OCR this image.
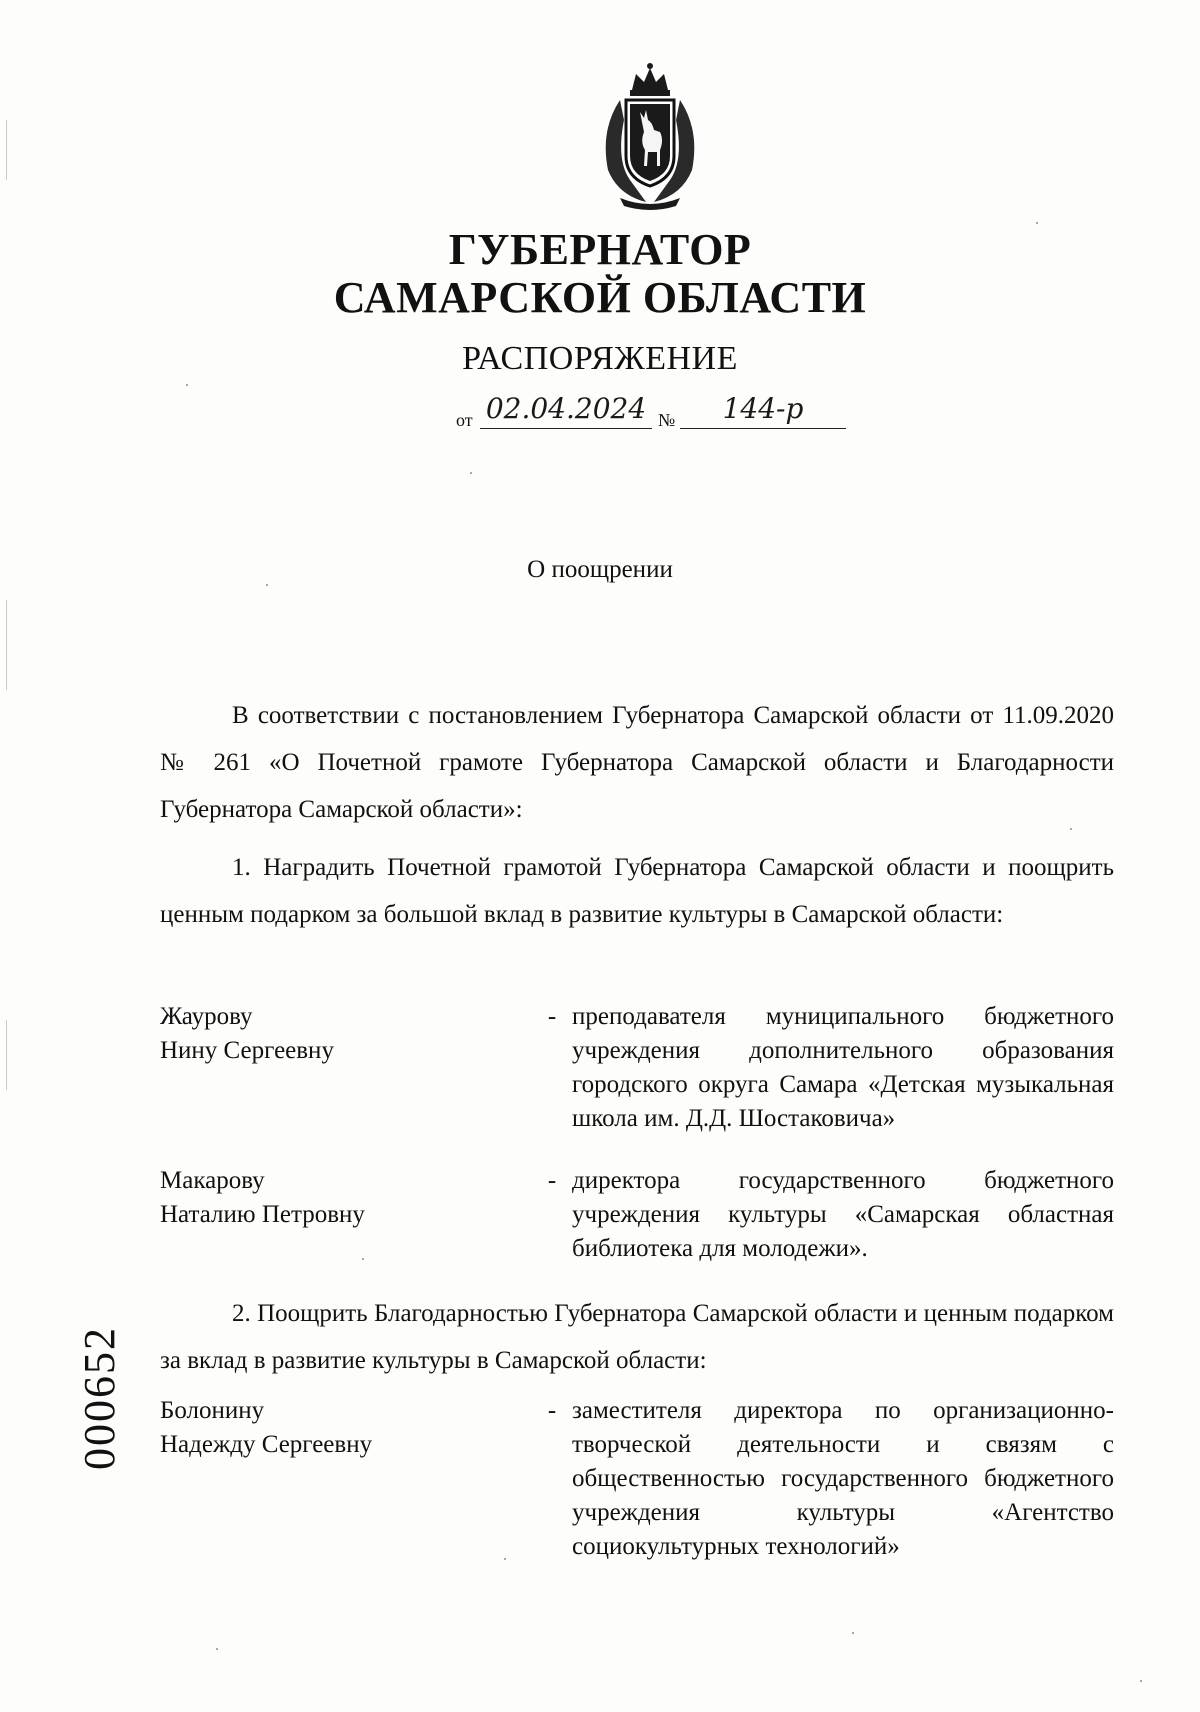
ГУБЕРНАТОР
САМАРСКОЙ ОБЛАСТИ
РАСПОРЯЖЕНИЕ
от 02.04.2024 №	144-р
О поощрении
В соответствии с постановлением Губернатора Самарской области от 11.09.2020 № 261 «О Почетной грамоте Губернатора Самарской области и Благодарности Губернатора Самарской области»:
1. Наградить Почетной грамотой Губернатора Самарской области и поощрить ценным подарком за большой вклад в развитие культуры в Самарской области:
Жаурову
Нину Сергеевну
- преподавателя муниципального бюджетного учреждения дополнительного образования городского округа Самара «Детская музыкальная школа им. Д.Д. Шостаковича»
Макарову
Наталию Петровну
- директора государственного бюджетного учреждения культуры «Самарская областная библиотека для молодежи».
2. Поощрить Благодарностью Губернатора Самарской области и ценным подарком за вклад в развитие культуры в Самарской области:
Болонину
Надежду Сергеевну
- заместителя директора по организационно-творческой деятельности и связям с общественностью государственного бюджетного учреждения культуры «Агентство социокультурных технологий»
000652
